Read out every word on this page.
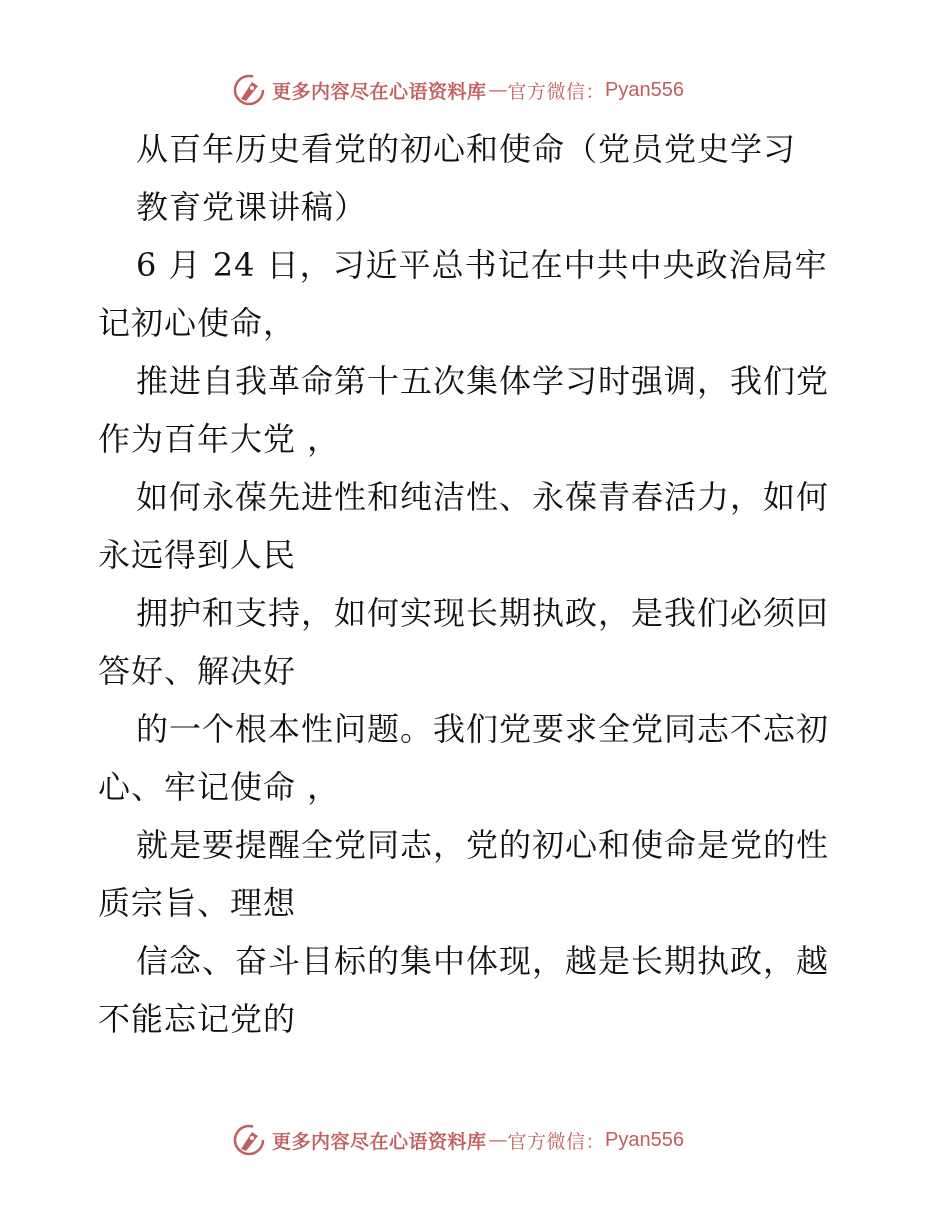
更多内容尽在心语资料库 — 官方微信： Pyan556
从百年历史看党的初心和使命（党员党史学习
教育党课讲稿）
6 月 24 日，习近平总书记在中共中央政治局牢
记初心使命，
推进自我革命第十五次集体学习时强调，我们党
作为百年大党 ，
如何永葆先进性和纯洁性、永葆青春活力，如何
永远得到人民
拥护和支持，如何实现长期执政，是我们必须回
答好、解决好
的一个根本性问题。我们党要求全党同志不忘初
心、牢记使命 ，
就是要提醒全党同志，党的初心和使命是党的性
质宗旨、理想
信念、奋斗目标的集中体现，越是长期执政，越
不能忘记党的
更多内容尽在心语资料库 — 官方微信： Pyan556
